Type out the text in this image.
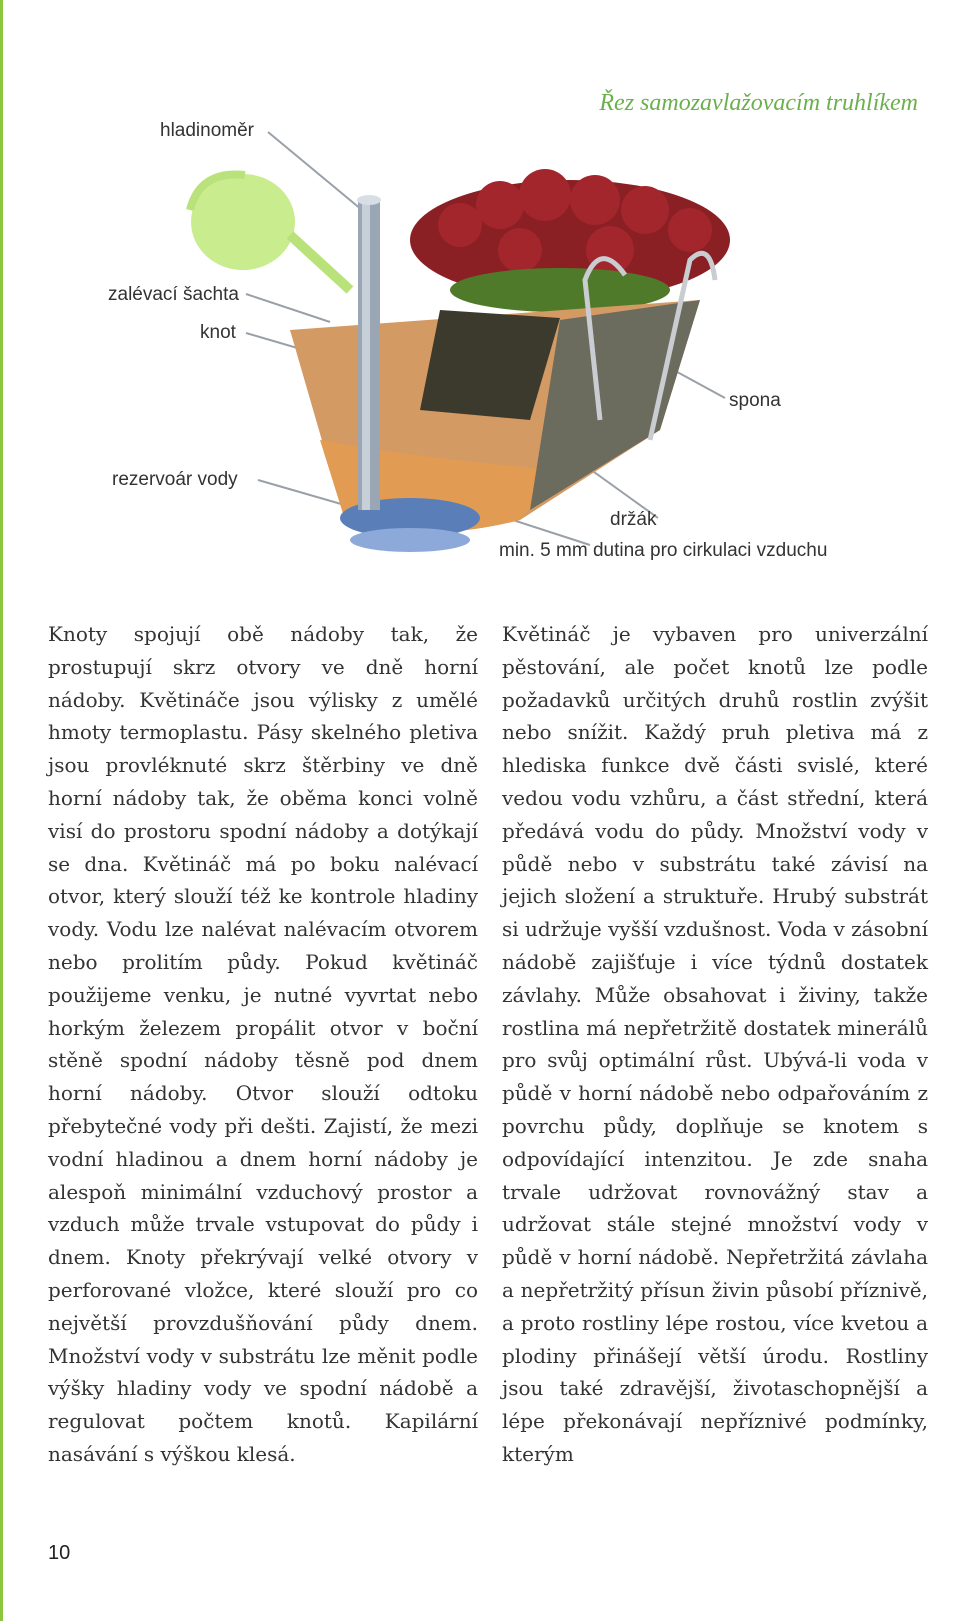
Řez samozavlažovacím truhlíkem
hladinoměr
zalévací šachta
knot
rezervoár vody
spona
držák
min. 5 mm dutina pro cirkulaci vzduchu

Knoty spojují obě nádoby tak, že prostupují skrz otvory ve dně horní nádoby. Květináče jsou výlisky z umělé hmoty termoplastu. Pásy skelného pletiva jsou provléknuté skrz štěrbiny ve dně horní nádoby tak, že oběma konci volně visí do prostoru spodní nádoby a dotýkají se dna. Květináč má po boku nalévací otvor, který slouží též ke kontrole hladiny vody. Vodu lze nalévat nalévacím otvorem nebo prolitím půdy. Pokud květináč použijeme venku, je nutné vyvrtat nebo horkým železem propálit otvor v boční stěně spodní nádoby těsně pod dnem horní nádoby. Otvor slouží odtoku přebytečné vody při dešti. Zajistí, že mezi vodní hladinou a dnem horní nádoby je alespoň minimální vzduchový prostor a vzduch může trvale vstupovat do půdy i dnem. Knoty překrývají velké otvory v perforované vložce, které slouží pro co největší provzdušňování půdy dnem. Množství vody v substrátu lze měnit podle výšky hladiny vody ve spodní nádobě a regulovat počtem knotů. Kapilární nasávání s výškou klesá.

Květináč je vybaven pro univerzální pěstování, ale počet knotů lze podle požadavků určitých druhů rostlin zvýšit nebo snížit. Každý pruh pletiva má z hlediska funkce dvě části svislé, které vedou vodu vzhůru, a část střední, která předává vodu do půdy. Množství vody v půdě nebo v substrátu také závisí na jejich složení a struktuře. Hrubý substrát si udržuje vyšší vzdušnost. Voda v zásobní nádobě zajišťuje i více týdnů dostatek závlahy. Může obsahovat i živiny, takže rostlina má nepřetržitě dostatek minerálů pro svůj optimální růst. Ubývá-li voda v půdě v horní nádobě nebo odpařováním z povrchu půdy, doplňuje se knotem s odpovídající intenzitou. Je zde snaha trvale udržovat rovnovážný stav a udržovat stále stejné množství vody v půdě v horní nádobě. Nepřetržitá závlaha a nepřetržitý přísun živin působí příznivě, a proto rostliny lépe rostou, více kvetou a plodiny přinášejí větší úrodu. Rostliny jsou také zdravější, životaschopnější a lépe překonávají nepříznivé podmínky, kterým

10
